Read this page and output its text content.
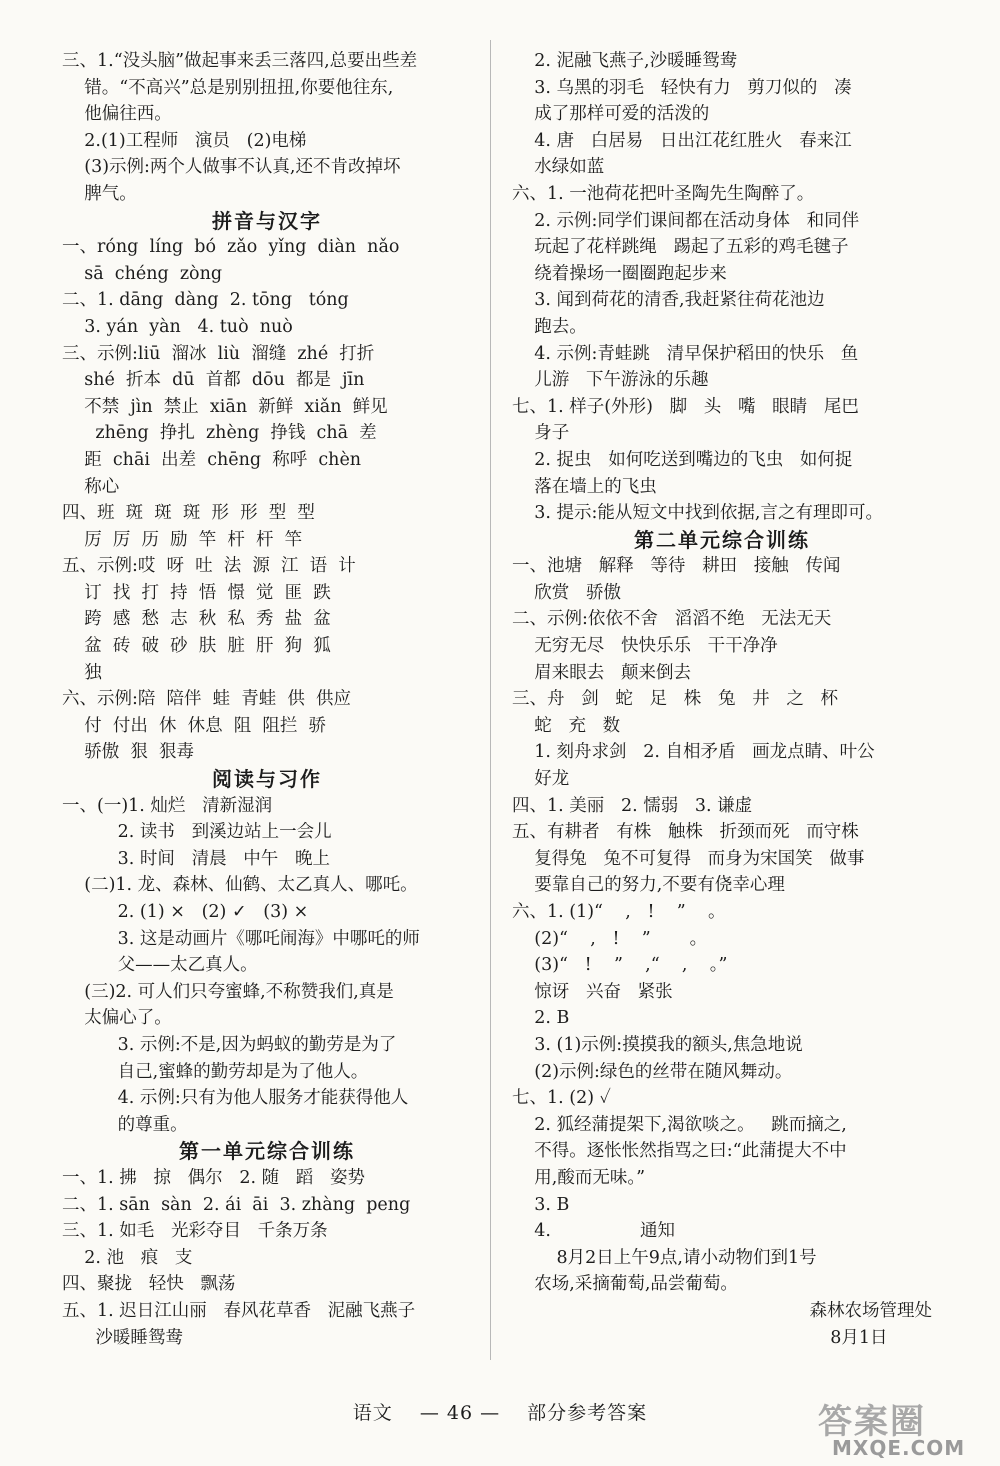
三、1.“没头脑”做起事来丢三落四,总要出些差
错。“不高兴”总是别别扭扭,你要他往东,
他偏往西。
2.(1)工程师   演员   (2)电梯
(3)示例:两个人做事不认真,还不肯改掉坏
脾气。
拼音与汉字
一、róng  líng  bó  zǎo  yǐng  diàn  nǎo
sā  chéng  zòng
二、1. dāng  dàng  2. tōng   tóng
3. yán  yàn   4. tuò  nuò
三、示例:liū  溜冰  liù  溜缝  zhé  打折
shé  折本  dū  首都  dōu  都是  jīn
不禁  jìn  禁止  xiān  新鲜  xiǎn  鲜见
zhēng  挣扎  zhèng  挣钱  chā  差
距  chāi  出差  chēng  称呼  chèn
称心
四、班  斑  斑  斑  形  形  型  型
厉  厉  历  励  竿  杆  杆  竿
五、示例:哎  呀  吐  法  源  江  语  计
订  找  打  持  悟  憬  觉  匪  跌
跨  感  愁  志  秋  私  秀  盐  盆
盆  砖  破  砂  肤  脏  肝  狗  狐
独
六、示例:陪  陪伴  蛙  青蛙  供  供应
付  付出  休  休息  阻  阻拦  骄
骄傲  狠  狠毒
阅读与习作
一、(一)1. 灿烂   清新湿润
2. 读书   到溪边站上一会儿
3. 时间   清晨   中午   晚上
(二)1. 龙、森林、仙鹤、太乙真人、哪吒。
2. (1) ×   (2) ✓   (3) ×
3. 这是动画片《哪吒闹海》中哪吒的师
父——太乙真人。
(三)2. 可人们只夸蜜蜂,不称赞我们,真是
太偏心了。
3. 示例:不是,因为蚂蚁的勤劳是为了
自己,蜜蜂的勤劳却是为了他人。
4. 示例:只有为他人服务才能获得他人
的尊重。
第一单元综合训练
一、1. 拂   掠   偶尔   2. 随   蹈   姿势
二、1. sān  sàn  2. ái  āi  3. zhàng  peng
三、1. 如毛   光彩夺目   千条万条
2. 池   痕   支
四、聚拢   轻快   飘荡
五、1. 迟日江山丽   春风花草香   泥融飞燕子
沙暖睡鸳鸯
2. 泥融飞燕子,沙暖睡鸳鸯
3. 乌黑的羽毛   轻快有力   剪刀似的   凑
成了那样可爱的活泼的
4. 唐   白居易   日出江花红胜火   春来江
水绿如蓝
六、1. 一池荷花把叶圣陶先生陶醉了。
2. 示例:同学们课间都在活动身体   和同伴
玩起了花样跳绳   踢起了五彩的鸡毛毽子
绕着操场一圈圈跑起步来
3. 闻到荷花的清香,我赶紧往荷花池边
跑去。
4. 示例:青蛙跳   清早保护稻田的快乐   鱼
儿游   下午游泳的乐趣
七、1. 样子(外形)   脚   头   嘴   眼睛   尾巴
身子
2. 捉虫   如何吃送到嘴边的飞虫   如何捉
落在墙上的飞虫
3. 提示:能从短文中找到依据,言之有理即可。
第二单元综合训练
一、池塘   解释   等待   耕田   接触   传闻
欣赏   骄傲
二、示例:依依不舍   滔滔不绝   无法无天
无穷无尽   快快乐乐   干干净净
眉来眼去   颠来倒去
三、舟   剑   蛇   足   株   兔   井   之   杯
蛇   充   数
1. 刻舟求剑   2. 自相矛盾   画龙点睛、叶公
好龙
四、1. 美丽   2. 懦弱   3. 谦虚
五、有耕者   有株   触株   折颈而死   而守株
复得兔   兔不可复得   而身为宋国笑   做事
要靠自己的努力,不要有侥幸心理
六、1. (1)“    ,   !    ”    。
(2)“    ,   !    ”       。
(3)“   !    ”    ,“    ,    。”
惊讶   兴奋   紧张
2. B
3. (1)示例:摸摸我的额头,焦急地说
(2)示例:绿色的丝带在随风舞动。
七、1. (2) ✓
2. 狐经蒲提架下,渴欲啖之。   跳而摘之,
不得。逐怅怅然指骂之曰:“此蒲提大不中
用,酸而无味。”
3. B
4.                通知
8月2日上午9点,请小动物们到1号
农场,采摘葡萄,品尝葡萄。
森林农场管理处
8月1日
语文 — 46 — 部分参考答案	答案圈
MXQE.COM
